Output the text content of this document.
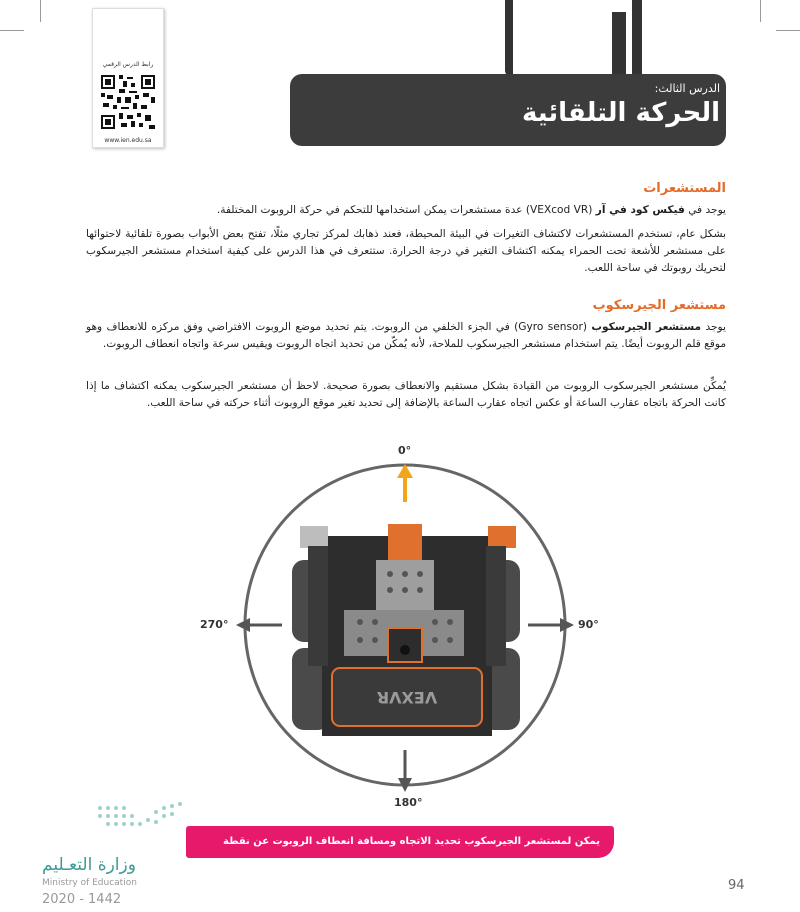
رابط الدرس الرقمي
www.ien.edu.sa
الدرس الثالث:
الحركة التلقائية
المستشعرات
يوجد في فيكس كود في آر (VEXcod VR) عدة مستشعرات يمكن استخدامها للتحكم في حركة الروبوت المختلفة.
بشكل عام، تستخدم المستشعرات لاكتشاف التغيرات في البيئة المحيطة، فعند ذهابك لمركز تجاري مثلًا، تفتح بعض الأبواب بصورة تلقائية لاحتوائها على مستشعر للأشعة تحت الحمراء يمكنه اكتشاف التغير في درجة الحرارة. ستتعرف في هذا الدرس على كيفية استخدام مستشعر الجيرسكوب لتحريك روبوتك في ساحة اللعب.
مستشعر الجيرسكوب
يوجد مستشعر الجيرسكوب (Gyro sensor) في الجزء الخلفي من الروبوت. يتم تحديد موضع الروبوت الافتراضي وفق مركزه للانعطاف وهو موقع قلم الروبوت أيضًا. يتم استخدام مستشعر الجيرسكوب للملاحة، لأنه يُمكّن من تحديد اتجاه الروبوت ويقيس سرعة واتجاه انعطاف الروبوت.
يُمكِّن مستشعر الجيرسكوب الروبوت من القيادة بشكل مستقيم والانعطاف بصورة صحيحة. لاحظ أن مستشعر الجيرسكوب يمكنه اكتشاف ما إذا كانت الحركة باتجاه عقارب الساعة أو عكس اتجاه عقارب الساعة بالإضافة إلى تحديد تغير موقع الروبوت أثناء حركته في ساحة اللعب.
VEXVR
0°
90°
180°
270°
يمكن لمستشعر الجيرسكوب تحديد الاتجاه ومسافة انعطاف الروبوت عن نقطة البداية.
وزارة التعـليم
Ministry of Education
2020 - 1442
94
